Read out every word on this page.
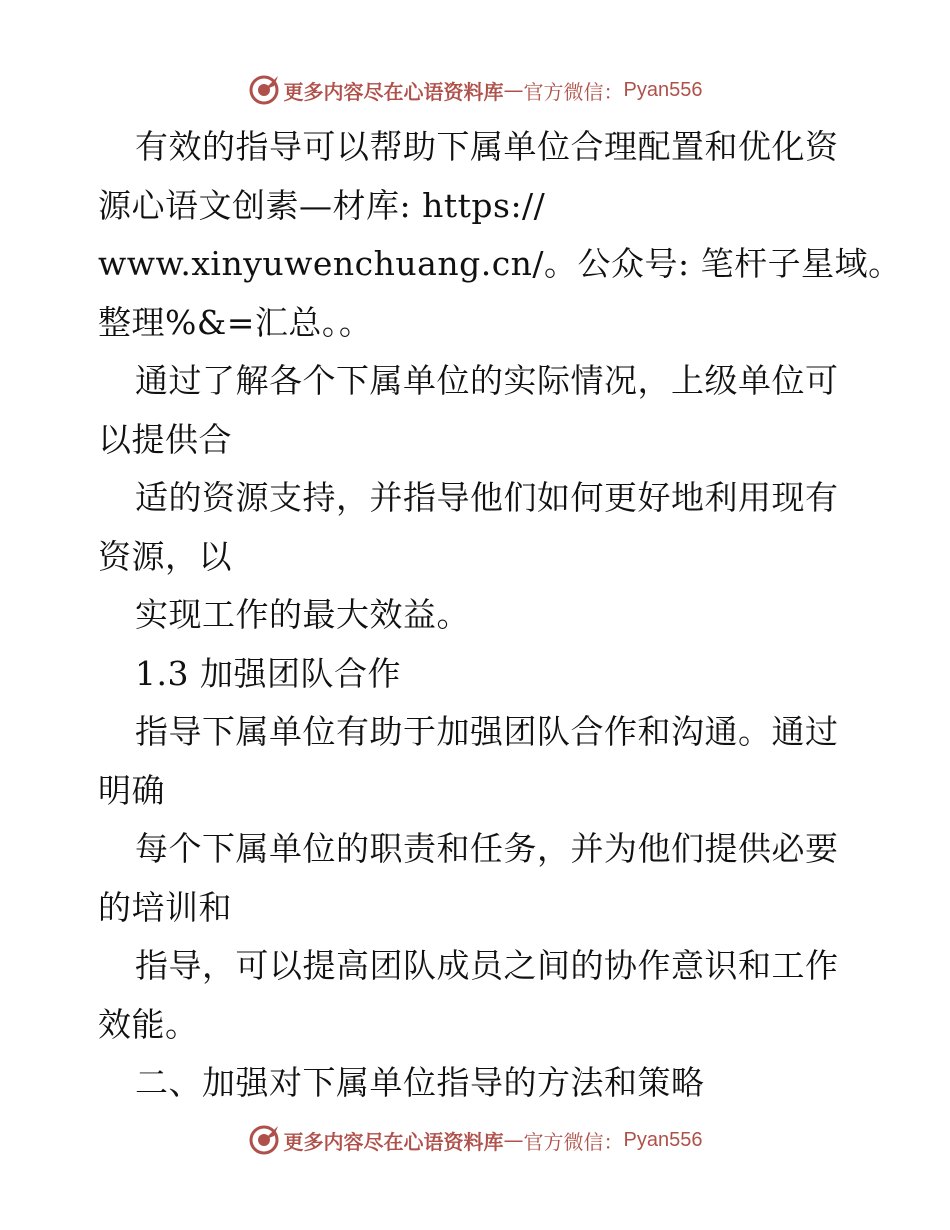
更多内容尽在心语资料库 — 官方微信： Pyan556
有效的指导可以帮助下属单位合理配置和优化资
源心语文创素—材库: https://
www.xinyuwenchuang.cn/。公众号: 笔杆子星域。
整理%&=汇总。。
通过了解各个下属单位的实际情况，上级单位可
以提供合
适的资源支持，并指导他们如何更好地利用现有
资源，以
实现工作的最大效益。
1.3 加强团队合作
指导下属单位有助于加强团队合作和沟通。通过
明确
每个下属单位的职责和任务，并为他们提供必要
的培训和
指导，可以提高团队成员之间的协作意识和工作
效能。
二、加强对下属单位指导的方法和策略
更多内容尽在心语资料库 — 官方微信： Pyan556
